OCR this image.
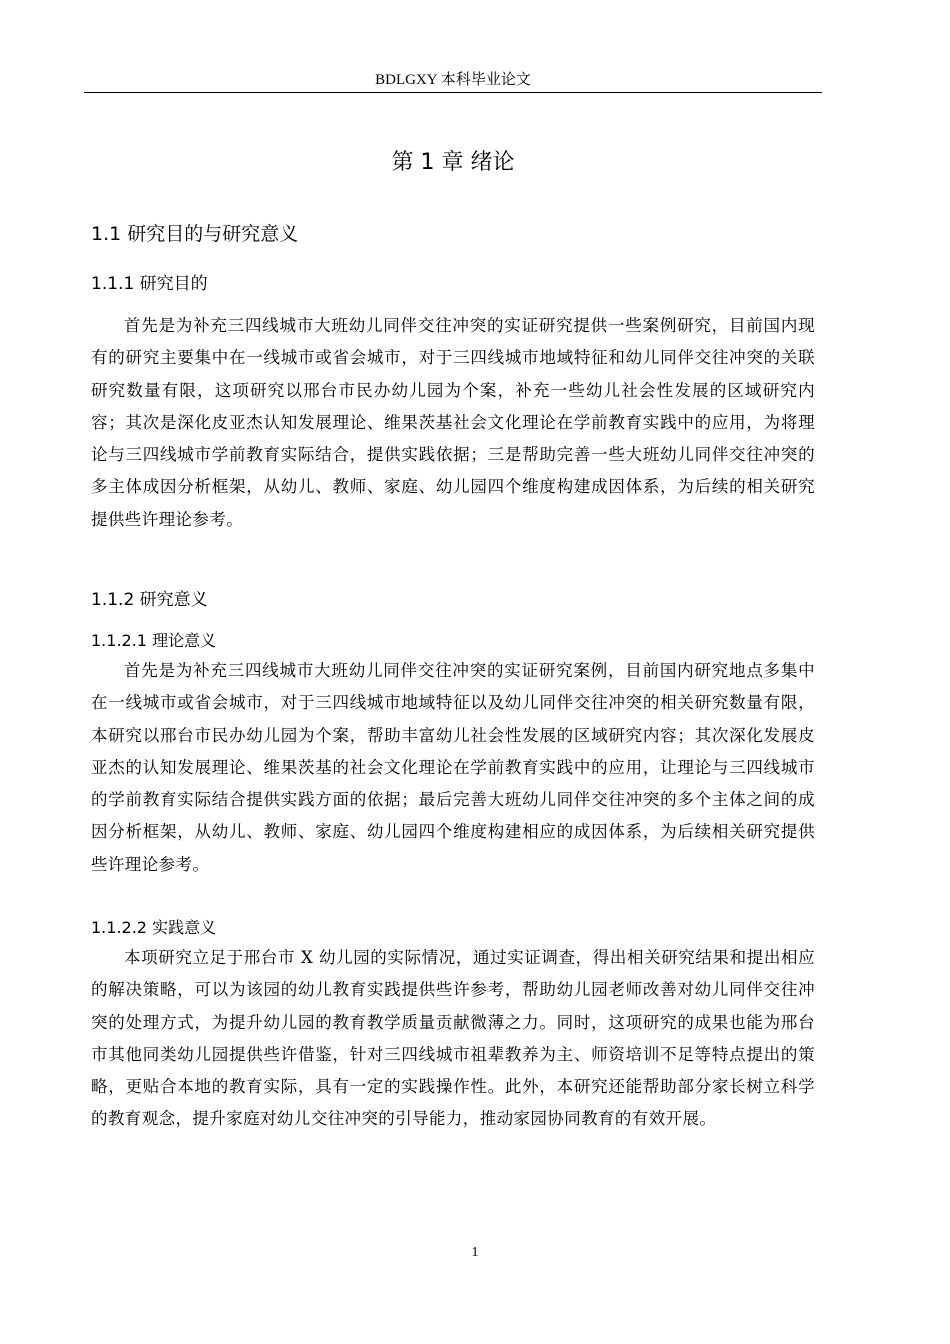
BDLGXY 本科毕业论文
第 1 章 绪论
1.1 研究目的与研究意义
1.1.1 研究目的

首先是为补充三四线城市大班幼儿同伴交往冲突的实证研究提供一些案例研究，目前国内现有的研究主要集中在一线城市或省会城市，对于三四线城市地域特征和幼儿同伴交往冲突的关联研究数量有限，这项研究以邢台市民办幼儿园为个案，补充一些幼儿社会性发展的区域研究内容；其次是深化皮亚杰认知发展理论、维果茨基社会文化理论在学前教育实践中的应用，为将理论与三四线城市学前教育实际结合，提供实践依据；三是帮助完善一些大班幼儿同伴交往冲突的多主体成因分析框架，从幼儿、教师、家庭、幼儿园四个维度构建成因体系，为后续的相关研究提供些许理论参考。

1.1.2 研究意义
1.1.2.1 理论意义

首先是为补充三四线城市大班幼儿同伴交往冲突的实证研究案例，目前国内研究地点多集中在一线城市或省会城市，对于三四线城市地域特征以及幼儿同伴交往冲突的相关研究数量有限，本研究以邢台市民办幼儿园为个案，帮助丰富幼儿社会性发展的区域研究内容；其次深化发展皮亚杰的认知发展理论、维果茨基的社会文化理论在学前教育实践中的应用，让理论与三四线城市的学前教育实际结合提供实践方面的依据；最后完善大班幼儿同伴交往冲突的多个主体之间的成因分析框架，从幼儿、教师、家庭、幼儿园四个维度构建相应的成因体系，为后续相关研究提供些许理论参考。

1.1.2.2 实践意义

本项研究立足于邢台市 X 幼儿园的实际情况，通过实证调查，得出相关研究结果和提出相应的解决策略，可以为该园的幼儿教育实践提供些许参考，帮助幼儿园老师改善对幼儿同伴交往冲突的处理方式，为提升幼儿园的教育教学质量贡献微薄之力。同时，这项研究的成果也能为邢台市其他同类幼儿园提供些许借鉴，针对三四线城市祖辈教养为主、师资培训不足等特点提出的策略，更贴合本地的教育实际，具有一定的实践操作性。此外，本研究还能帮助部分家长树立科学的教育观念，提升家庭对幼儿交往冲突的引导能力，推动家园协同教育的有效开展。

1
